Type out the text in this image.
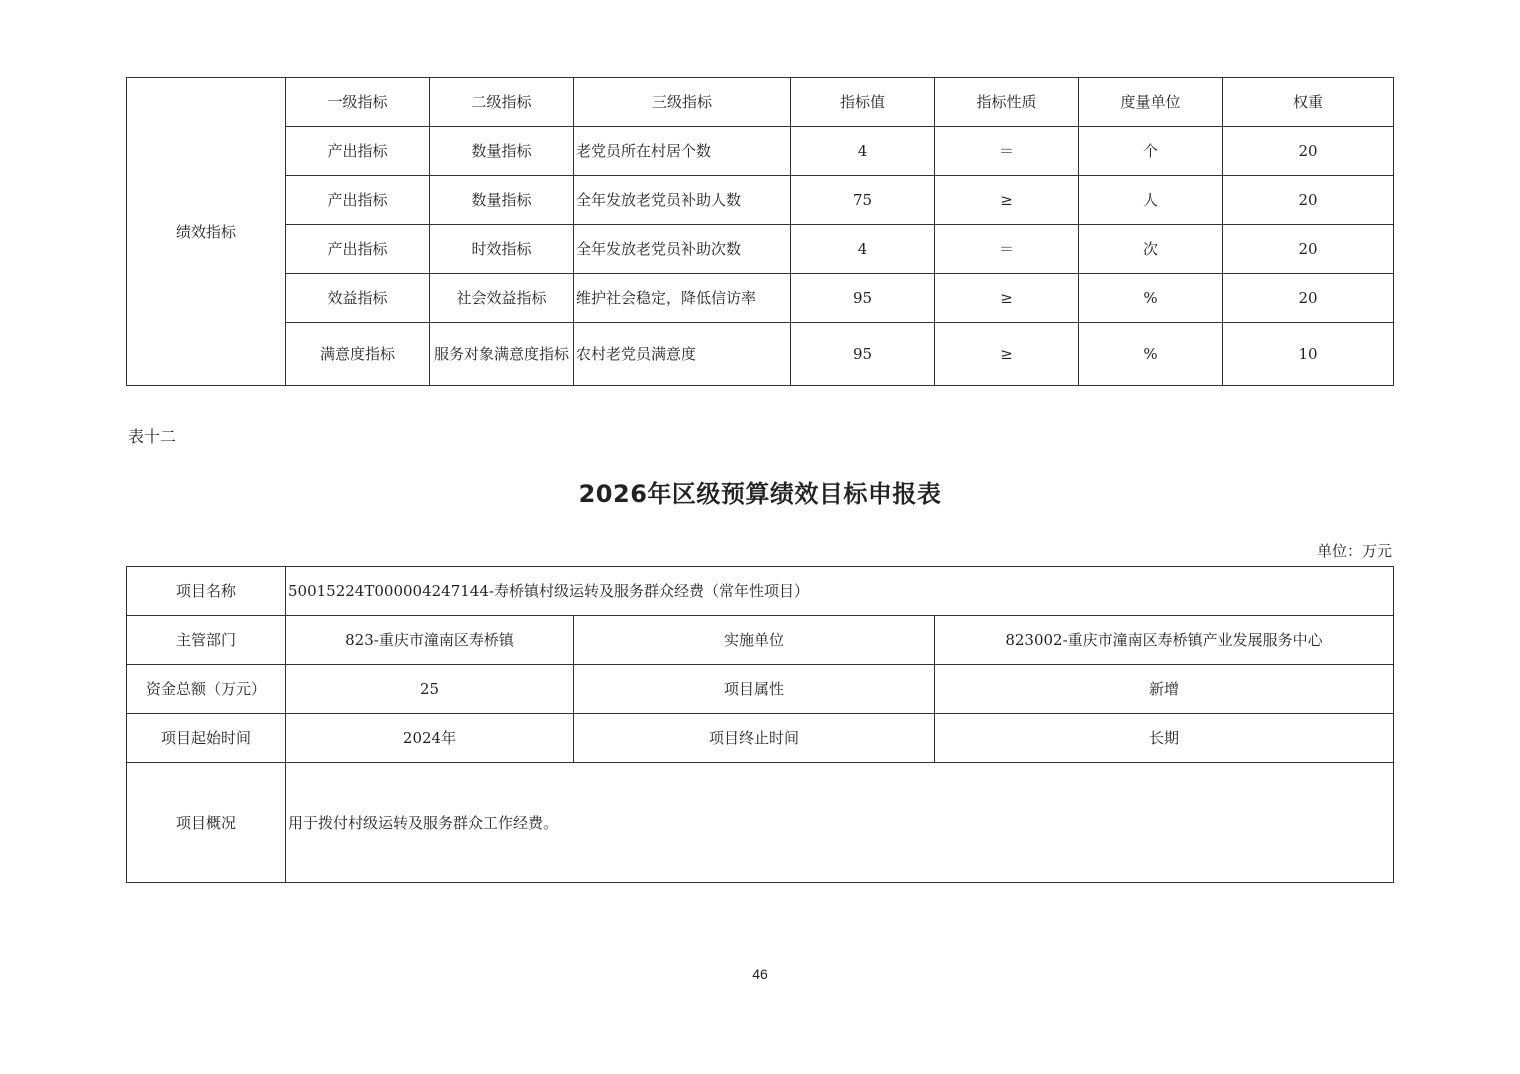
绩效指标	一级指标	二级指标	三级指标	指标值	指标性质	度量单位	权重
	产出指标	数量指标	老党员所在村居个数	4	＝	个	20
	产出指标	数量指标	全年发放老党员补助人数	75	≥	人	20
	产出指标	时效指标	全年发放老党员补助次数	4	＝	次	20
	效益指标	社会效益指标	维护社会稳定，降低信访率	95	≥	%	20
	满意度指标	服务对象满意度指标	农村老党员满意度	95	≥	%	10
表十二
2026年区级预算绩效目标申报表
单位：万元
项目名称	50015224T000004247144-寿桥镇村级运转及服务群众经费（常年性项目）		
主管部门	823-重庆市潼南区寿桥镇	实施单位	823002-重庆市潼南区寿桥镇产业发展服务中心
资金总额（万元）	25	项目属性	新增
项目起始时间	2024年	项目终止时间	长期
项目概况	用于拨付村级运转及服务群众工作经费。		
46
